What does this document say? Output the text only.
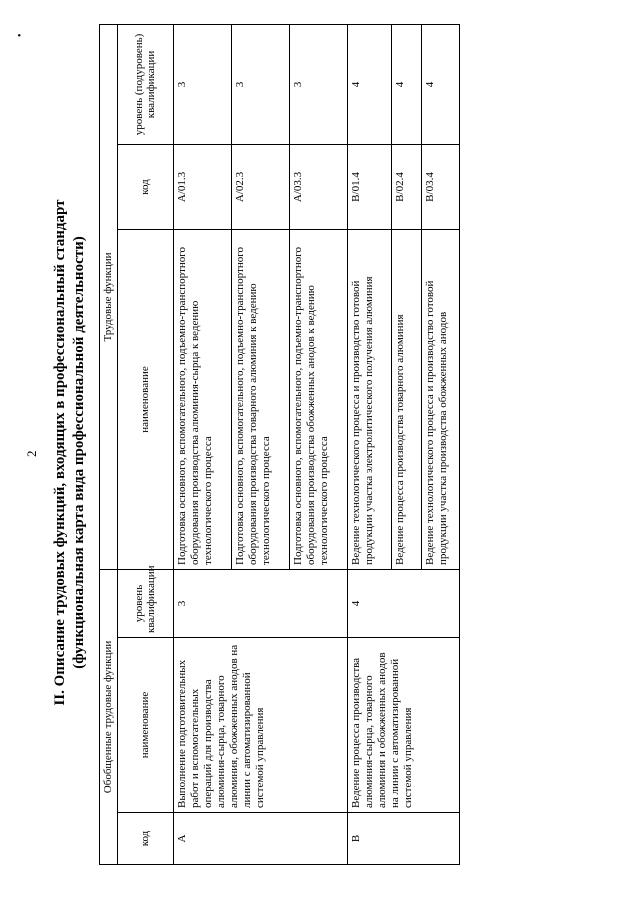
2 II. Описание трудовых функций, входящих в профессиональный стандарт (функциональная карта вида профессиональной деятельности)
•
Обобщенные трудовые функции			Трудовые функции		
код	наименование	уровень квалификации	наименование	код	уровень (подуровень) квалификации
А	Выполнение подготовительных работ и вспомогательных операций для производства алюминия-сырца, товарного алюминия, обожженных анодов на линии с автоматизированной системой управления	3	Подготовка основного, вспомогательного, подъемно-транспортного оборудования производства алюминия-сырца к ведению технологического процесса	А/01.3	3
			Подготовка основного, вспомогательного, подъемно-транспортного оборудования производства товарного алюминия к ведению технологического процесса	А/02.3	3
			Подготовка основного, вспомогательного, подъемно-транспортного оборудования производства обожженных анодов к ведению технологического процесса	А/03.3	3
В	Ведение процесса производства алюминия-сырца, товарного алюминия и обожженных анодов на линии с автоматизированной системой управления	4	Ведение технологического процесса и производство готовой продукции участка электролитического получения алюминия	В/01.4	4
			Ведение процесса производства товарного алюминия	В/02.4	4
			Ведение технологического процесса и производство готовой продукции участка производства обожженных анодов	В/03.4	4
